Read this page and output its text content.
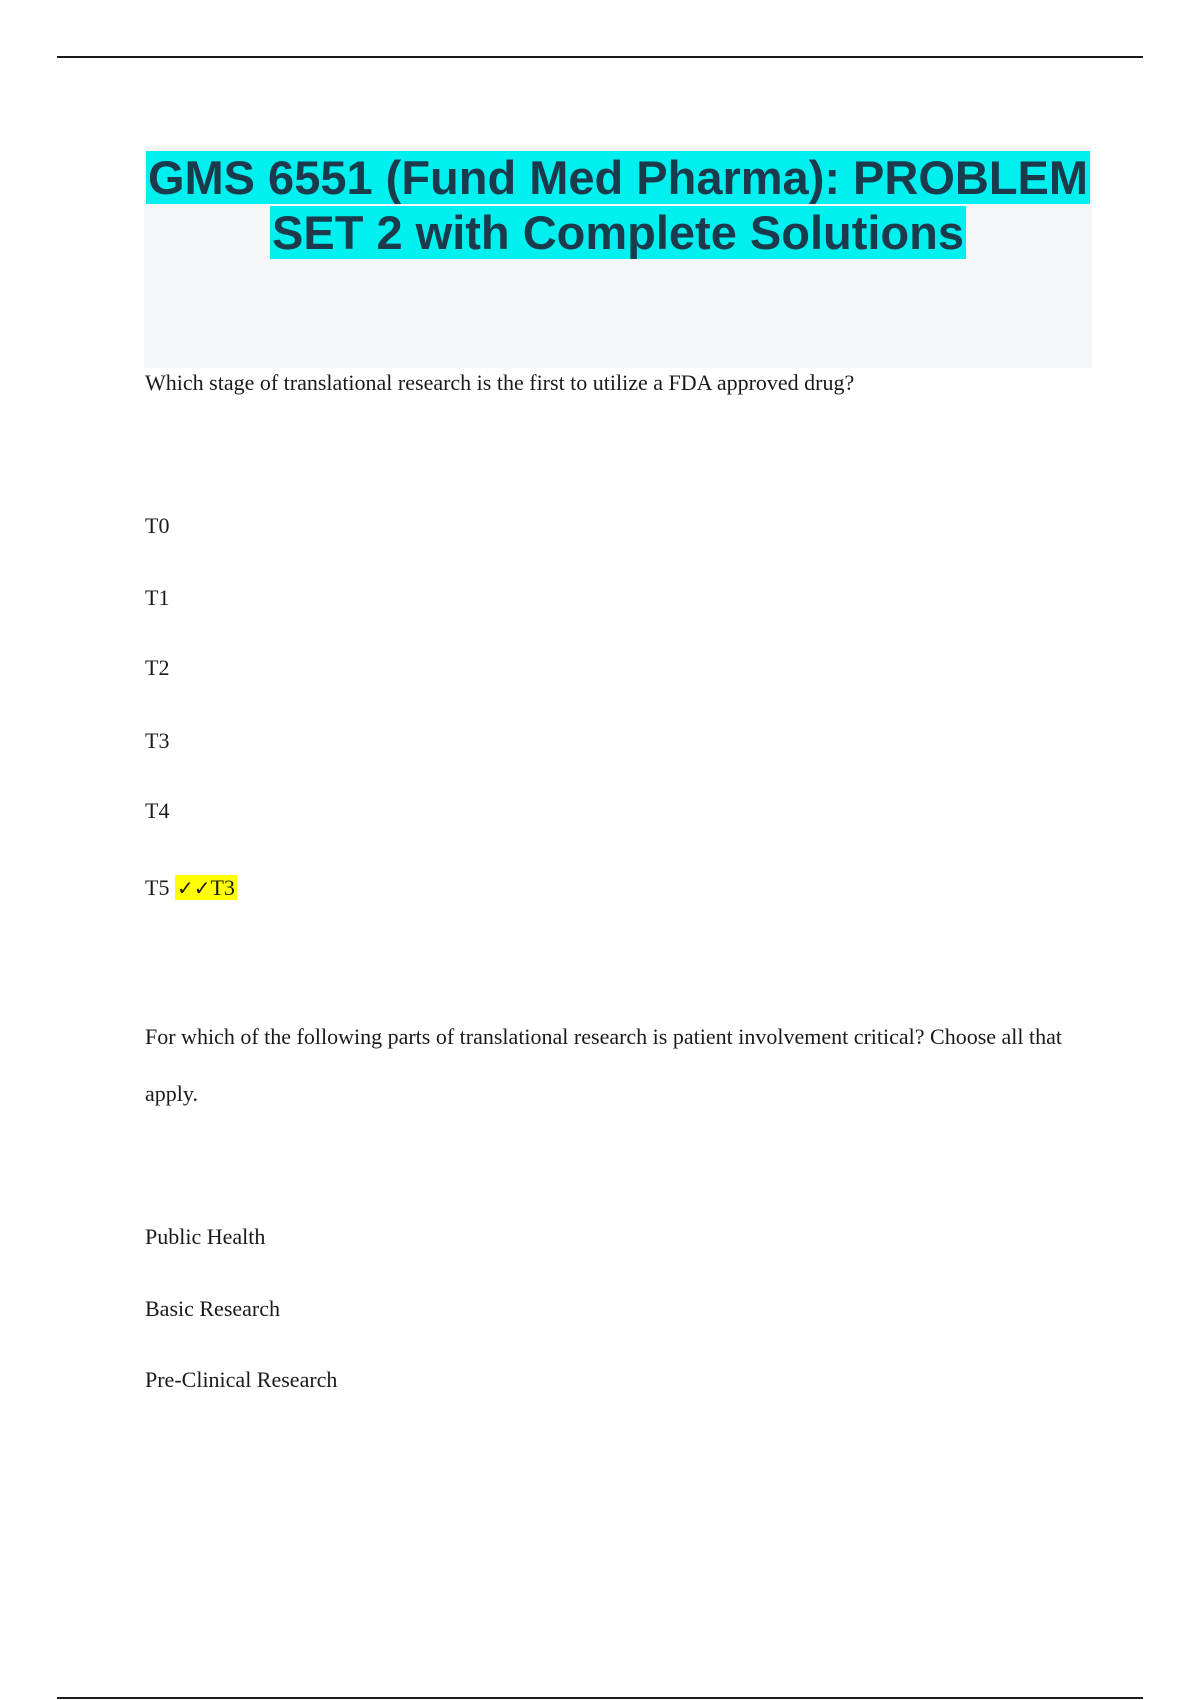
GMS 6551 (Fund Med Pharma): PROBLEM SET 2 with Complete Solutions

Which stage of translational research is the first to utilize a FDA approved drug?

T0

T1

T2

T3

T4

T5 ✓✓T3

For which of the following parts of translational research is patient involvement critical? Choose all that apply.

Public Health

Basic Research

Pre-Clinical Research
